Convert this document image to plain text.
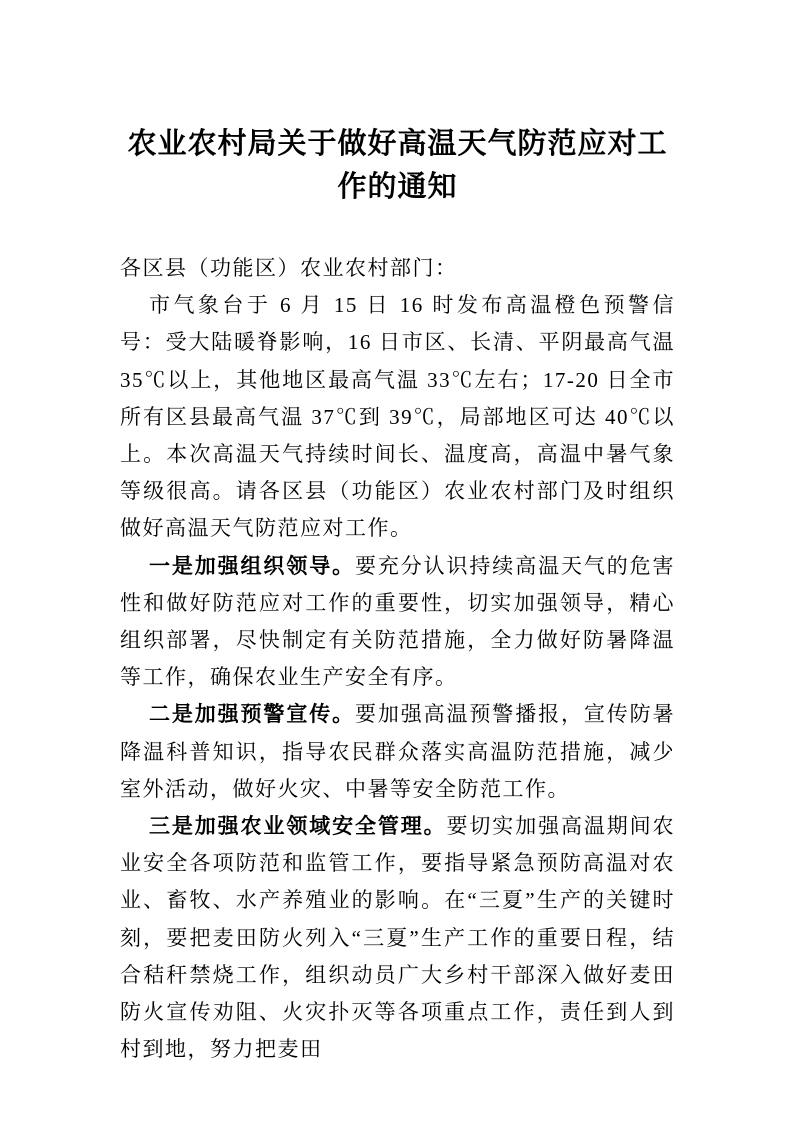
农业农村局关于做好高温天气防范应对工作的通知

各区县（功能区）农业农村部门：

市气象台于 6 月 15 日 16 时发布高温橙色预警信号：受大陆暖脊影响，16 日市区、长清、平阴最高气温 35℃以上，其他地区最高气温 33℃左右；17-20 日全市所有区县最高气温 37℃到 39℃，局部地区可达 40℃以上。本次高温天气持续时间长、温度高，高温中暑气象等级很高。请各区县（功能区）农业农村部门及时组织做好高温天气防范应对工作。

一是加强组织领导。要充分认识持续高温天气的危害性和做好防范应对工作的重要性，切实加强领导，精心组织部署，尽快制定有关防范措施，全力做好防暑降温等工作，确保农业生产安全有序。

二是加强预警宣传。要加强高温预警播报，宣传防暑降温科普知识，指导农民群众落实高温防范措施，减少室外活动，做好火灾、中暑等安全防范工作。

三是加强农业领域安全管理。要切实加强高温期间农业安全各项防范和监管工作，要指导紧急预防高温对农业、畜牧、水产养殖业的影响。在“三夏”生产的关键时刻，要把麦田防火列入“三夏”生产工作的重要日程，结合秸秆禁烧工作，组织动员广大乡村干部深入做好麦田防火宣传劝阻、火灾扑灭等各项重点工作，责任到人到村到地，努力把麦田
